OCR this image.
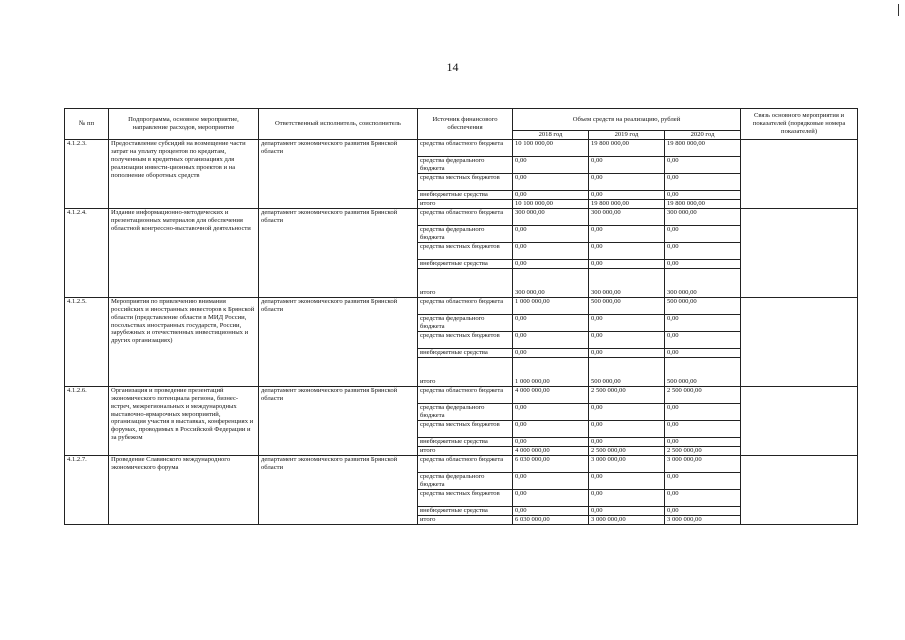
14
№ пп	Подпрограмма, основное мероприятие, направление расходов, мероприятие	Ответственный исполнитель, соисполнитель	Источник финансового обеспечения	Объем средств на реализацию, рублей			Связь основного мероприятия и показателей (порядковые номера показателей)
				2018 год	2019 год	2020 год	
4.1.2.3.	Предоставление субсидий на возмещение части затрат на уплату процентов по кредитам, полученным в кредитных организациях для реализации инвести-ционных проектов и на пополнение оборотных средств	департамент экономического развития Брянской области	средства областного бюджета	10 100 000,00	19 800 000,00	19 800 000,00	
			средства федерального бюджета	0,00	0,00	0,00	
			средства местных бюджетов	0,00	0,00	0,00	
			внебюджетные средства	0,00	0,00	0,00	
			итого	10 100 000,00	19 800 000,00	19 800 000,00	
4.1.2.4.	Издание информационно-методических и презентационных материалов для обеспечения областной конгрессно-выставочной деятельности	департамент экономического развития Брянской области	средства областного бюджета	300 000,00	300 000,00	300 000,00	
			средства федерального бюджета	0,00	0,00	0,00	
			средства местных бюджетов	0,00	0,00	0,00	
			внебюджетные средства	0,00	0,00	0,00	
			итого	300 000,00	300 000,00	300 000,00	
4.1.2.5.	Мероприятия по привлечению внимания российских и иностранных инвесторов к Брянской области (представление области в МИД России, посольствах иностранных государств, России, зарубежных и отечественных инвестиционных и других организациях)	департамент экономического развития Брянской области	средства областного бюджета	1 000 000,00	500 000,00	500 000,00	
			средства федерального бюджета	0,00	0,00	0,00	
			средства местных бюджетов	0,00	0,00	0,00	
			внебюджетные средства	0,00	0,00	0,00	
			итого	1 000 000,00	500 000,00	500 000,00	
4.1.2.6.	Организация и проведение презентаций экономического потенциала региона, бизнес-встреч, межрегиональных и международных выставочно-ярмарочных мероприятий, организация участия в выставках, конференциях и форумах, проводимых в Российской Федерации и за рубежом	департамент экономического развития Брянской области	средства областного бюджета	4 000 000,00	2 500 000,00	2 500 000,00	
			средства федерального бюджета	0,00	0,00	0,00	
			средства местных бюджетов	0,00	0,00	0,00	
			внебюджетные средства	0,00	0,00	0,00	
			итого	4 000 000,00	2 500 000,00	2 500 000,00	
4.1.2.7.	Проведение Славянского международного экономического форума	департамент экономического развития Брянской области	средства областного бюджета	6 030 000,00	3 000 000,00	3 000 000,00	
			средства федерального бюджета	0,00	0,00	0,00	
			средства местных бюджетов	0,00	0,00	0,00	
			внебюджетные средства	0,00	0,00	0,00	
			итого	6 030 000,00	3 000 000,00	3 000 000,00	
